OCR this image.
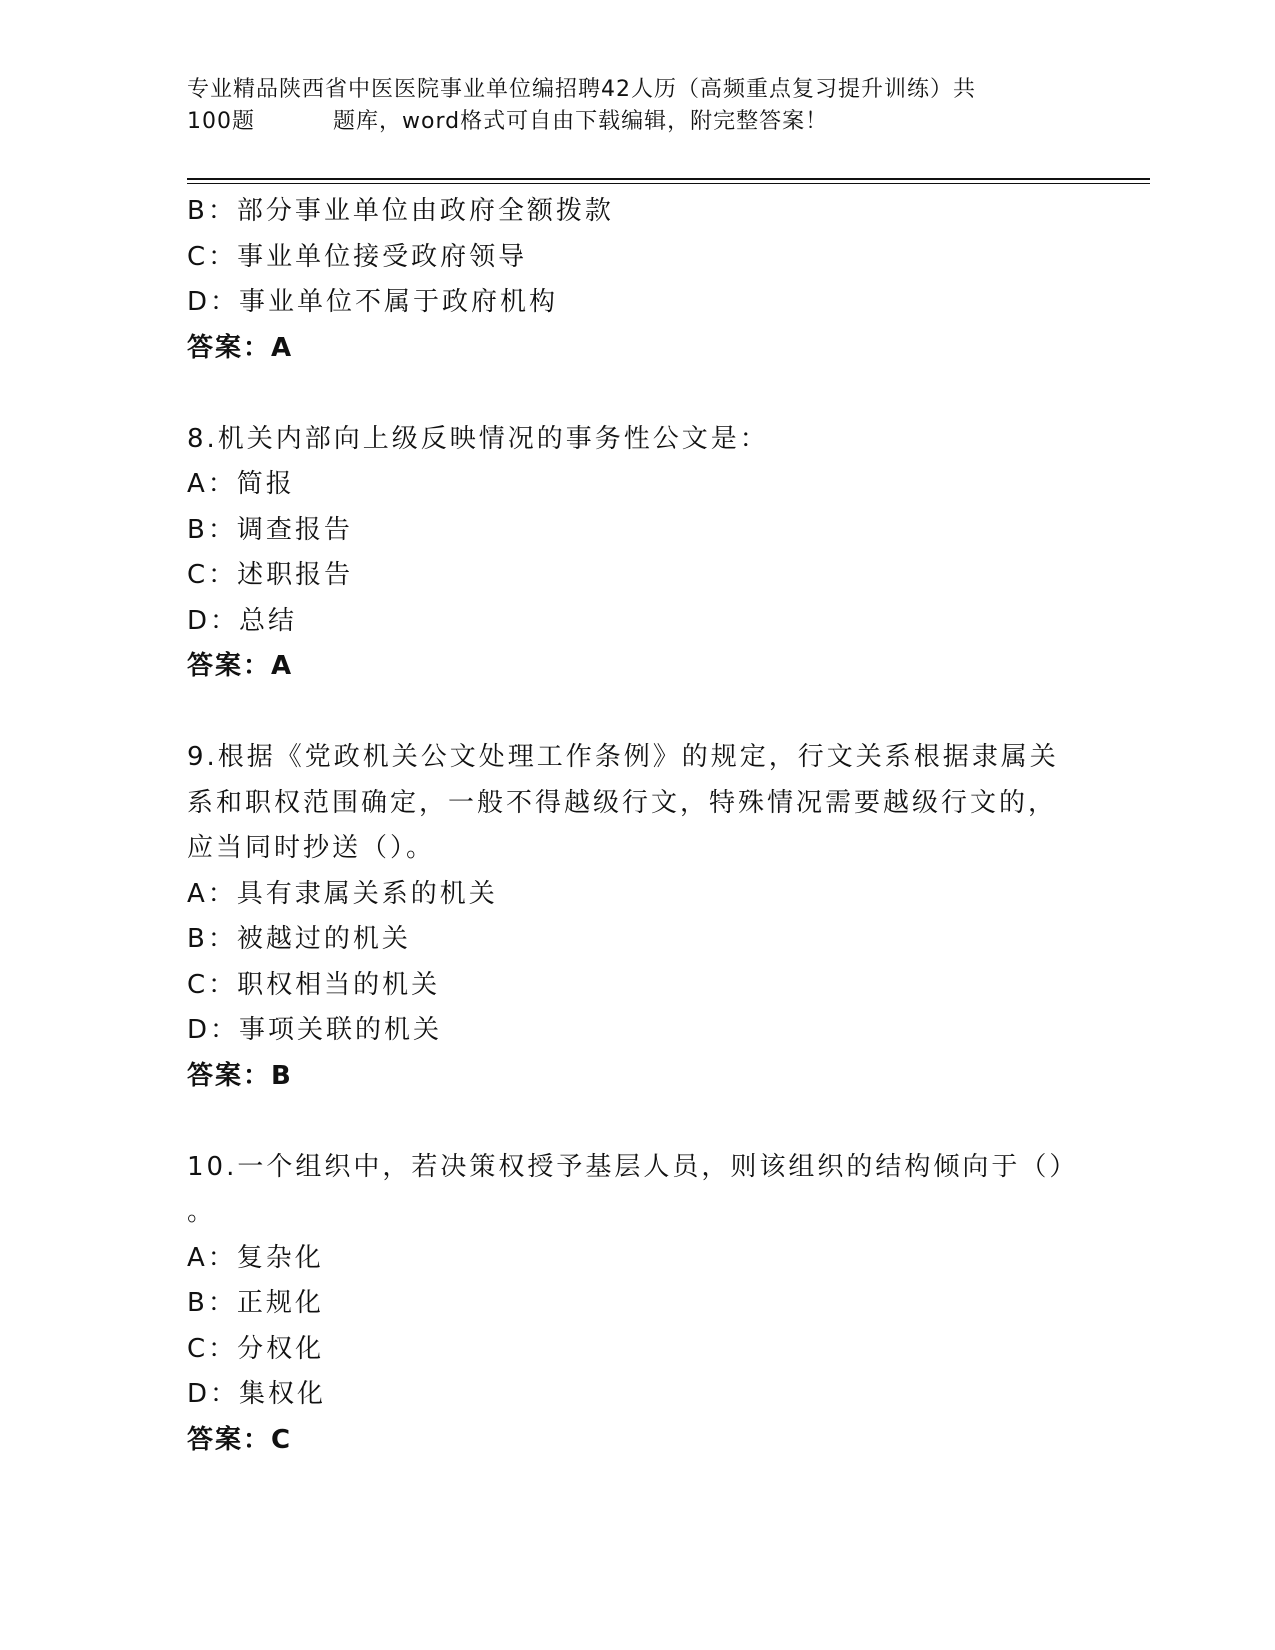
专业精品陕西省中医医院事业单位编招聘42人历（高频重点复习提升训练）共
100题	题库，word格式可自由下载编辑，附完整答案！
B：部分事业单位由政府全额拨款
C：事业单位接受政府领导
D：事业单位不属于政府机构
答案：A
8.机关内部向上级反映情况的事务性公文是：
A：简报
B：调查报告
C：述职报告
D：总结
答案：A
9.根据《党政机关公文处理工作条例》的规定，行文关系根据隶属关
系和职权范围确定，一般不得越级行文，特殊情况需要越级行文的，
应当同时抄送（）。
A：具有隶属关系的机关
B：被越过的机关
C：职权相当的机关
D：事项关联的机关
答案：B
10.一个组织中，若决策权授予基层人员，则该组织的结构倾向于（）
。
A：复杂化
B：正规化
C：分权化
D：集权化
答案：C
